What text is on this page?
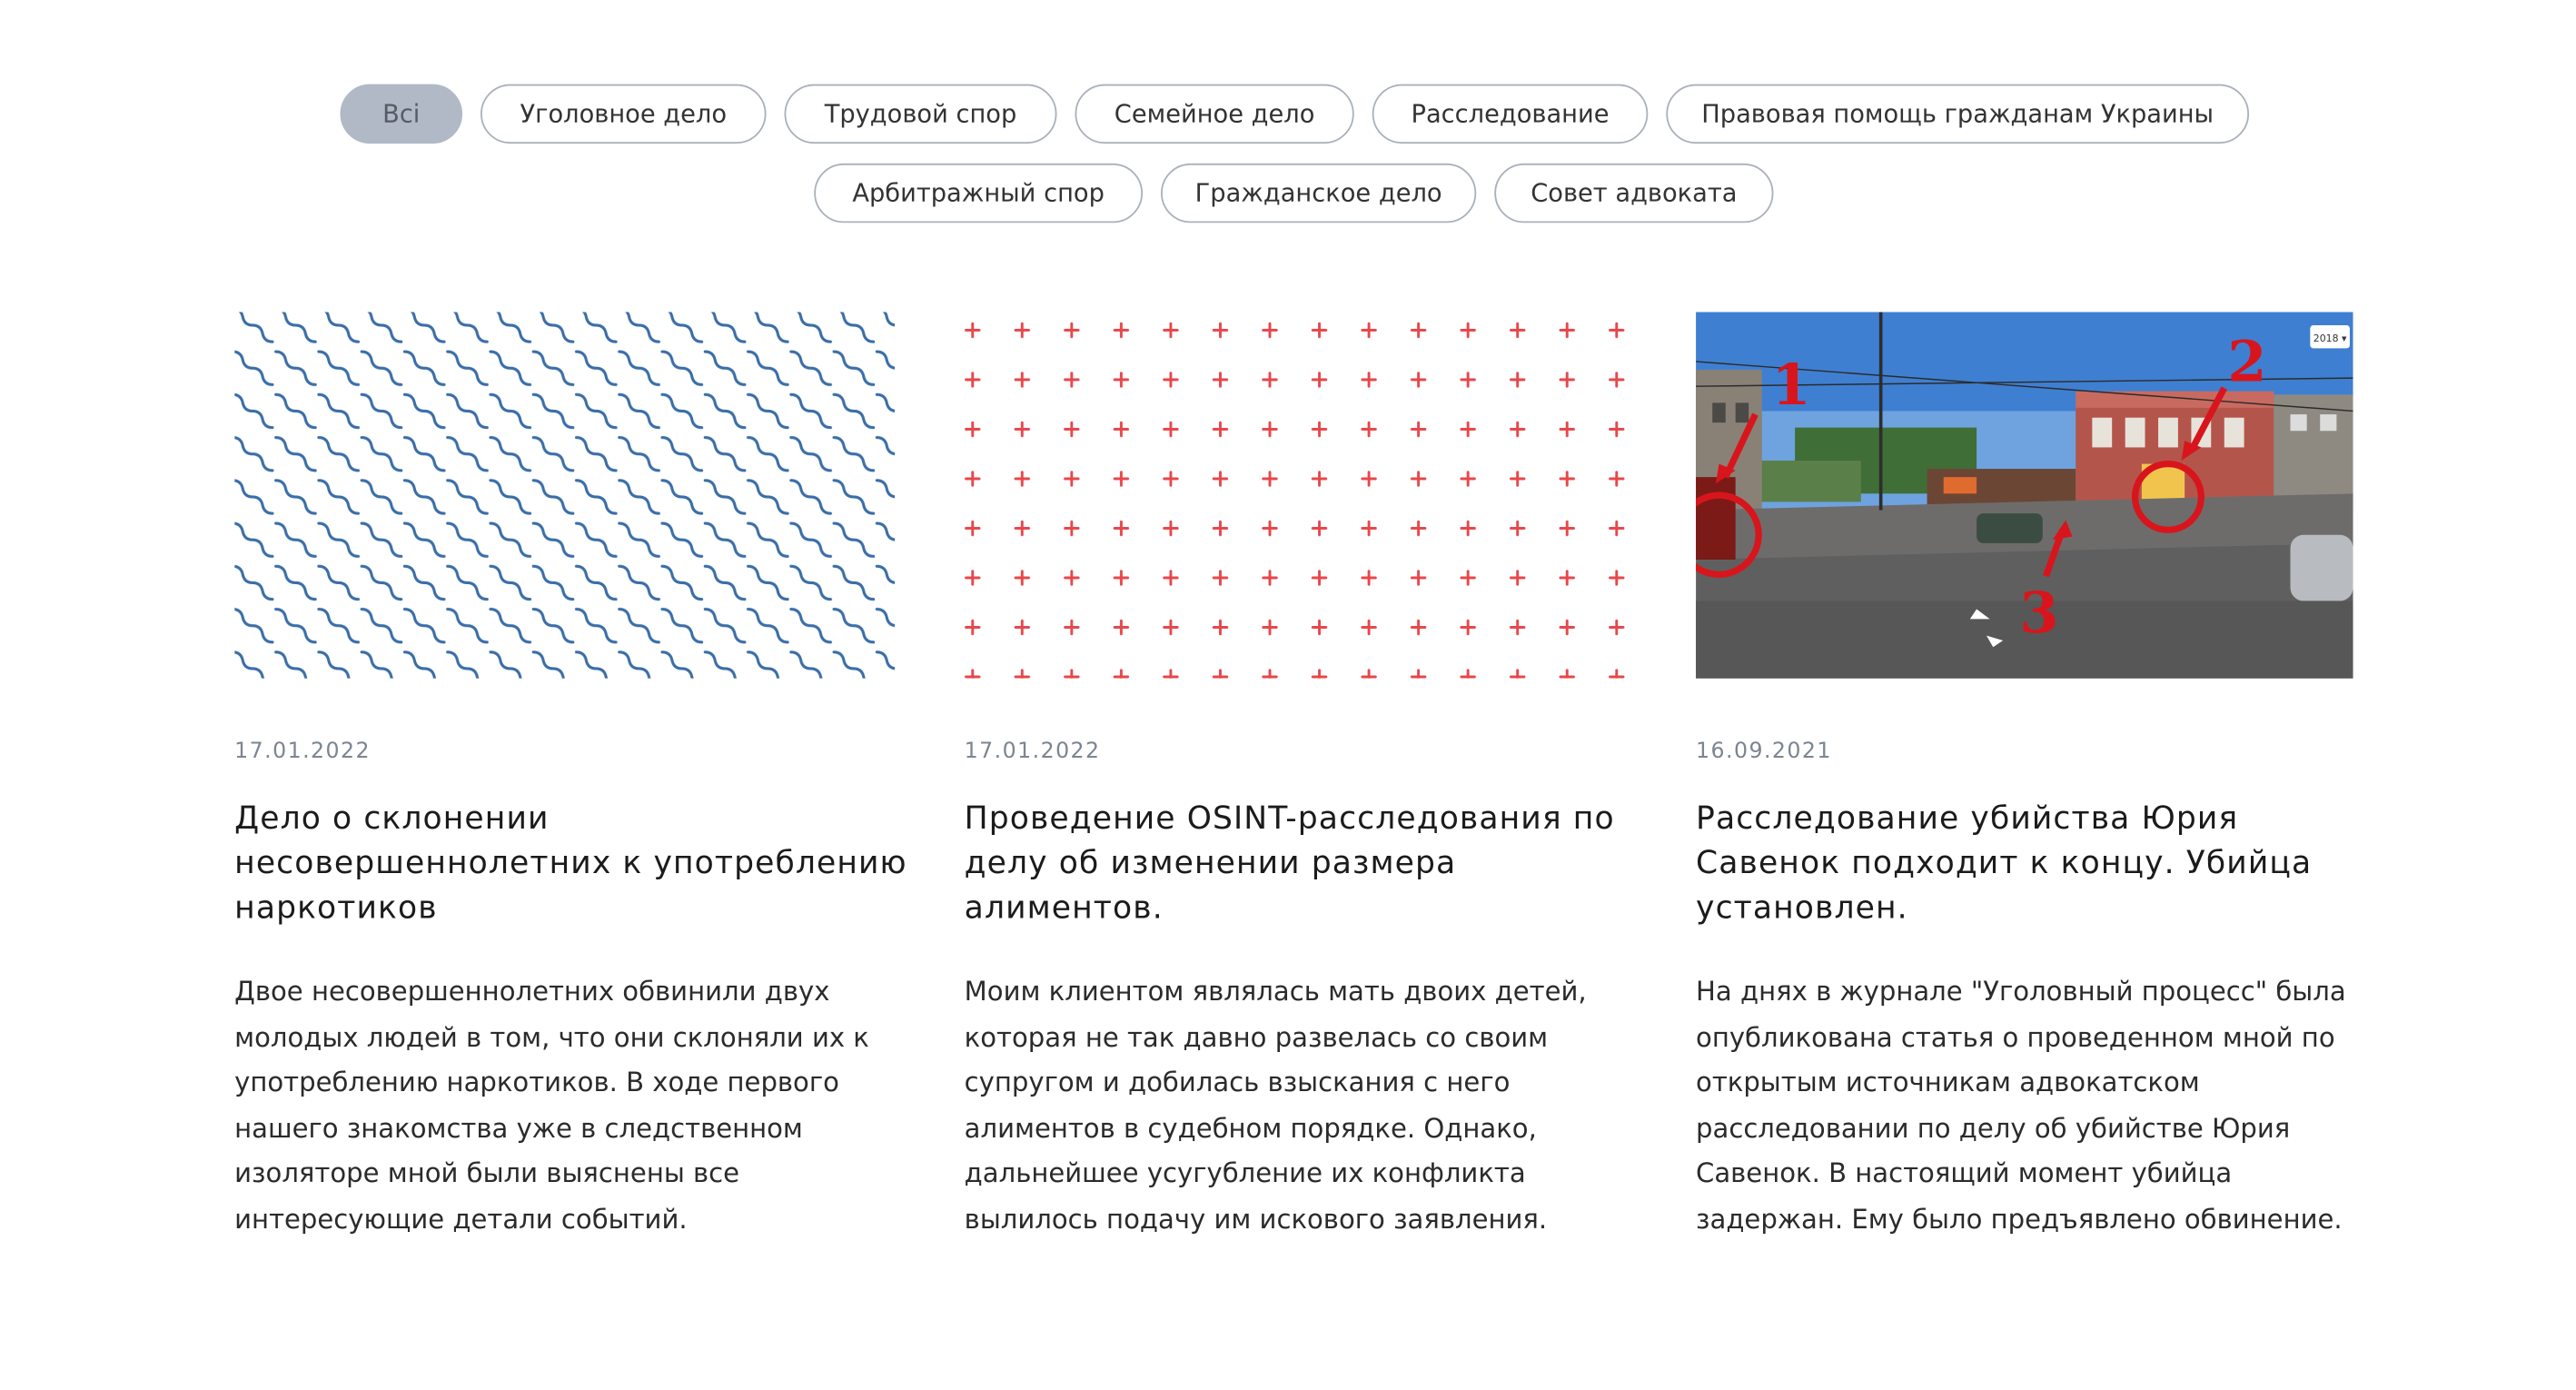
Всі	Уголовное дело	Трудовой спор	Семейное дело	Расследование	Правовая помощь гражданам Украины
Арбитражный спор	Гражданское дело	Совет адвоката
17.01.2022
Дело о склонении несовершеннолетних к употреблению наркотиков

Двое несовершеннолетних обвинили двух молодых людей в том, что они склоняли их к употреблению наркотиков. В ходе первого нашего знакомства уже в следственном изоляторе мной были выяснены все интересующие детали событий.

17.01.2022
Проведение OSINT-расследования по делу об изменении размера алиментов.

Моим клиентом являлась мать двоих детей, которая не так давно развелась со своим супругом и добилась взыскания с него алиментов в судебном порядке. Однако, дальнейшее усугубление их конфликта вылилось подачу им искового заявления.

2018 ▾
1	2
3
16.09.2021
Расследование убийства Юрия Савенок подходит к концу. Убийца установлен.

На днях в журнале "Уголовный процесс" была опубликована статья о проведенном мной по открытым источникам адвокатском расследовании по делу об убийстве Юрия Савенок. В настоящий момент убийца задержан. Ему было предъявлено обвинение.
